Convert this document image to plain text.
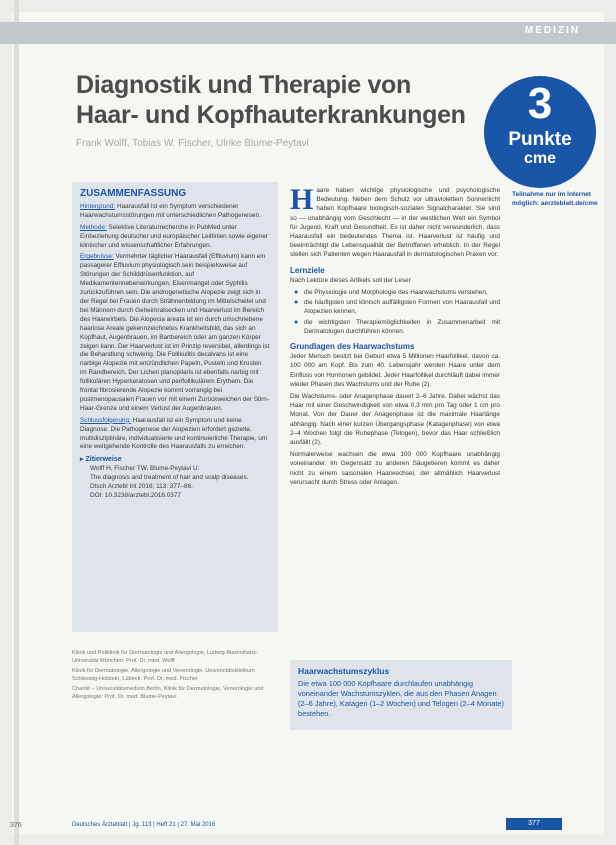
MEDIZIN
Diagnostik und Therapie von
Haar- und Kopfhauterkrankungen
Frank Wolff, Tobias W. Fischer, Ulrike Blume-Peytavi
3
Punkte
cme
Teilnahme nur im Internet möglich: aerzteblatt.de/cme
ZUSAMMENFASSUNG

Hintergrund: Haarausfall ist ein Symptom verschiedener Haarwachstumsstörungen mit unterschiedlichen Pathogenesen.

Methode: Selektive Literaturrecherche in PubMed unter Einbeziehung deutscher und europäischer Leitlinien sowie eigener klinischer und wissenschaftlicher Erfahrungen.

Ergebnisse: Vermehrter täglicher Haarausfall (Effluvium) kann ein passagerer Effluvium physiologisch sein beispielsweise auf Störungen der Schilddrüsenfunktion, auf Medikamentennebenwirkungen, Eisenmangel oder Syphilis zurückzuführen sein. Die androgenetische Alopezie zeigt sich in der Regel bei Frauen durch Strähnenbildung im Mittelscheitel und bei Männern durch Geheimratsecken und Haarverlust im Bereich des Haarwirbels. Die Alopecia areata ist ein durch umschriebene haarlose Areale gekennzeichnetes Krankheitsbild, das sich an Kopfhaut, Augenbrauen, im Bartbereich oder am ganzen Körper zeigen kann. Der Haarverlust ist im Prinzip reversibel, allerdings ist die Behandlung schwierig. Die Follikulitis decalvans ist eine narbige Alopezie mit entzündlichen Papeln, Pusteln und Krusten im Randbereich. Der Lichen planopilaris ist ebenfalls narbig mit follikulären Hyperkeratosen und perifollikulärem Erythem. Die frontal fibrosierende Alopezie kommt vorrangig bei postmenopausalen Frauen vor mit einem Zurückweichen der Stirn-Haar-Grenze und einem Verlust der Augenbrauen.

Schlussfolgerung: Haarausfall ist ein Symptom und keine Diagnose. Die Pathogenese der Alopezien erfordert gezielte, multidisziplinäre, individualisierte und kontinuierliche Therapie, um eine weitgehende Kontrolle des Haarausfalls zu erreichen.

▸ Zitierweise
Wolff H, Fischer TW, Blume-Peytavi U:
The diagnosis and treatment of hair and scalp diseases.
Dtsch Arztebl Int 2016; 113: 377–86.
DOI: 10.3238/arztebl.2016.0377

Haare haben wichtige physiologische und psychologische Bedeutung. Neben dem Schutz vor ultraviolettem Sonnenlicht haben Kopfhaare biologisch-sozialen Signalcharakter. Sie sind so — unabhängig vom Geschlecht — in der westlichen Welt ein Symbol für Jugend, Kraft und Gesundheit. Es ist daher nicht verwunderlich, dass Haarausfall ein bedeutendes Thema ist. Haarverlust ist häufig und beeinträchtigt die Lebensqualität der Betroffenen erheblich. In der Regel stellen sich Patienten wegen Haarausfall in dermatologischen Praxen vor.

Lernziele

Nach Lektüre dieses Artikels soll der Leser

● die Physiologie und Morphologie des Haarwachstums verstehen,
● die häufigsten und klinisch auffälligsten Formen von Haarausfall und Alopezien kennen,
● die wichtigsten Therapiemöglichkeiten in Zusammenarbeit mit Dermatologen durchführen können.
Grundlagen des Haarwachstums

Jeder Mensch besitzt bei Geburt etwa 5 Millionen Haarfollikel, davon ca. 100 000 am Kopf. Bis zum 40. Lebensjahr werden Haare unter dem Einfluss von Hormonen gebildet. Jeder Haarfollikel durchläuft dabei immer wieder Phasen des Wachstums und der Ruhe (2).

Die Wachstums- oder Anagenphase dauert 2–6 Jahre. Dabei wächst das Haar mit einer Geschwindigkeit von etwa 0,3 mm pro Tag oder 1 cm pro Monat. Von der Dauer der Anagenphase ist die maximale Haarlänge abhängig. Nach einer kurzen Übergangsphase (Katagenphase) von etwa 2–4 Wochen folgt die Ruhephase (Telogen), bevor das Haar schließlich ausfällt (2).

Normalerweise wachsen die etwa 100 000 Kopfhaare unabhängig voneinander. Im Gegensatz zu anderen Säugetieren kommt es daher nicht zu einem saisonalen Haarwechsel, der allmählich Haarverlust verursacht durch Stress oder Anlagen.

Klinik und Poliklinik für Dermatologie und Allergologie, Ludwig-Maximilians-Universität München: Prof. Dr. med. Wolff

Klinik für Dermatologie, Allergologie und Venerologie, Universitätsklinikum Schleswig-Holstein, Lübeck: Prof. Dr. med. Fischer

Charité – Universitätsmedizin Berlin, Klinik für Dermatologie, Venerologie und Allergologie: Prof. Dr. med. Blume-Peytavi

Haarwachstumszyklus

Die etwa 100 000 Kopfhaare durchlaufen unabhängig voneinander Wachstumszyklen, die aus den Phasen Anagen (2–6 Jahre), Katagen (1–2 Wochen) und Telogen (2–4 Monate) bestehen.

376	Deutsches Ärzteblatt | Jg. 113 | Heft 21 | 27. Mai 2016	377
